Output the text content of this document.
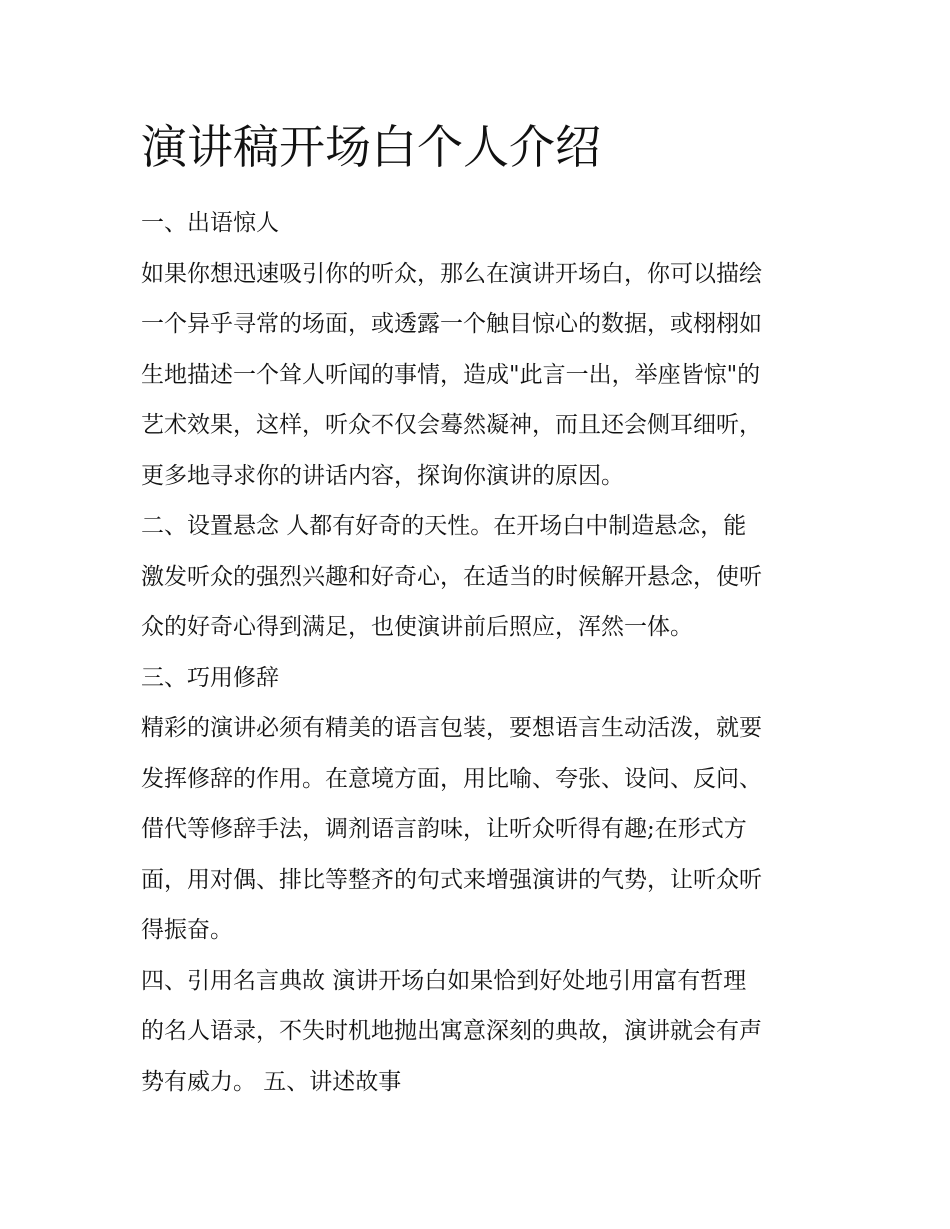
演讲稿开场白个人介绍

一、出语惊人

如果你想迅速吸引你的听众，那么在演讲开场白，你可以描绘

一个异乎寻常的场面，或透露一个触目惊心的数据，或栩栩如

生地描述一个耸人听闻的事情，造成"此言一出，举座皆惊"的

艺术效果，这样，听众不仅会蓦然凝神，而且还会侧耳细听，

更多地寻求你的讲话内容，探询你演讲的原因。

二、设置悬念 人都有好奇的天性。在开场白中制造悬念，能

激发听众的强烈兴趣和好奇心，在适当的时候解开悬念，使听

众的好奇心得到满足，也使演讲前后照应，浑然一体。

三、巧用修辞

精彩的演讲必须有精美的语言包装，要想语言生动活泼，就要

发挥修辞的作用。在意境方面，用比喻、夸张、设问、反问、

借代等修辞手法，调剂语言韵味，让听众听得有趣;在形式方

面，用对偶、排比等整齐的句式来增强演讲的气势，让听众听

得振奋。

四、引用名言典故 演讲开场白如果恰到好处地引用富有哲理

的名人语录，不失时机地抛出寓意深刻的典故，演讲就会有声

势有威力。 五、讲述故事
